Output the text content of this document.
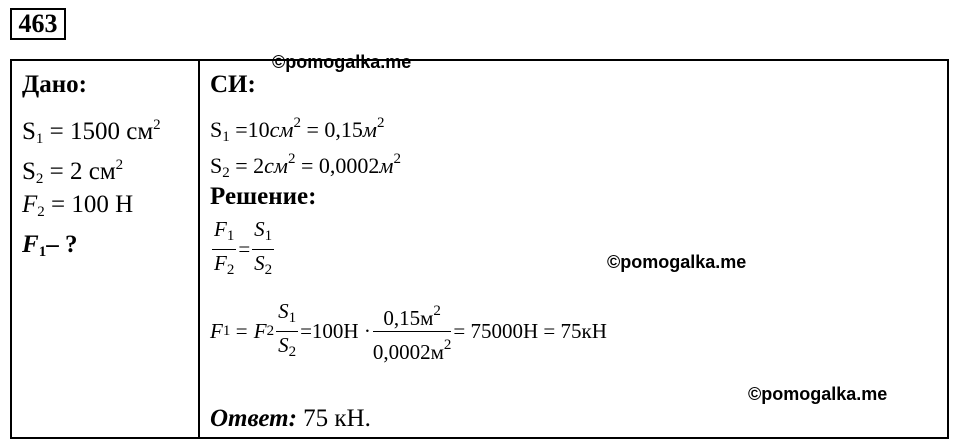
463
©pomogalka.me
©pomogalka.me
©pomogalka.me
Дано:
$S_1 = 1500$ $см^2$
$S_2 = 2$ $см^2$
$F_2 = 100$ Н
$F_1-$ ?
СИ:
$S_1 =10см^2 = 0,15м^2$
$S_2 = 2см^2 = 0,0002м^2$
Решение:
$\frac{F_1}{F_2} = \frac{S_1}{S_2}$
F 1 = F $2 \frac{S_1}{S_2} =100H \cdot \frac{0,15м^2}{0,0002м^2} = 75000H = 75кH$
Ответ: 75 кН.
